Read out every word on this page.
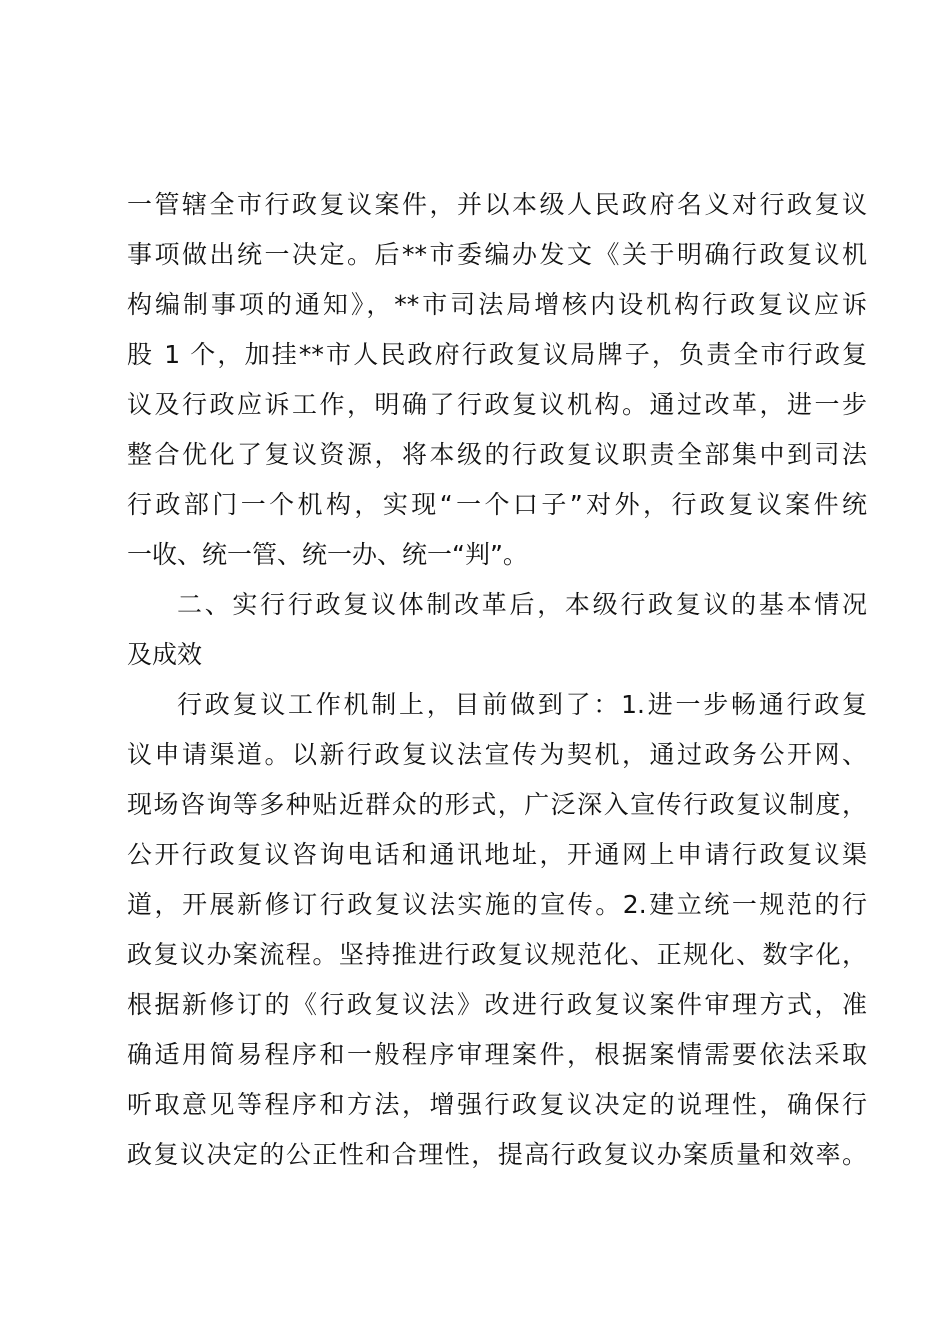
一管辖全市行政复议案件，并以本级人民政府名义对行政复议
事项做出统一决定。后**市委编办发文《关于明确行政复议机
构编制事项的通知》，**市司法局增核内设机构行政复议应诉
股 1 个，加挂**市人民政府行政复议局牌子，负责全市行政复
议及行政应诉工作，明确了行政复议机构。通过改革，进一步
整合优化了复议资源，将本级的行政复议职责全部集中到司法
行政部门一个机构，实现“一个口子”对外，行政复议案件统
一收、统一管、统一办、统一“判”。
二、实行行政复议体制改革后，本级行政复议的基本情况
及成效
行政复议工作机制上，目前做到了：1.进一步畅通行政复
议申请渠道。以新行政复议法宣传为契机，通过政务公开网、
现场咨询等多种贴近群众的形式，广泛深入宣传行政复议制度，
公开行政复议咨询电话和通讯地址，开通网上申请行政复议渠
道，开展新修订行政复议法实施的宣传。2.建立统一规范的行
政复议办案流程。坚持推进行政复议规范化、正规化、数字化，
根据新修订的《行政复议法》改进行政复议案件审理方式，准
确适用简易程序和一般程序审理案件，根据案情需要依法采取
听取意见等程序和方法，增强行政复议决定的说理性，确保行
政复议决定的公正性和合理性，提高行政复议办案质量和效率。
